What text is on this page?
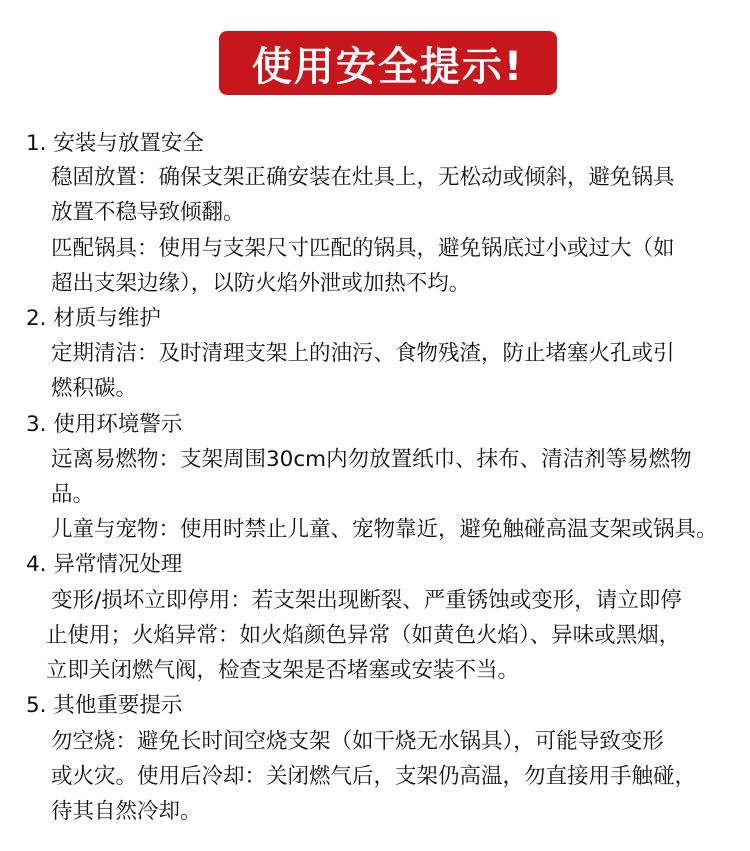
使用安全提示!
1. 安装与放置安全
稳固放置：确保支架正确安装在灶具上，无松动或倾斜，避免锅具
放置不稳导致倾翻。
匹配锅具：使用与支架尺寸匹配的锅具，避免锅底过小或过大（如
超出支架边缘），以防火焰外泄或加热不均。
2. 材质与维护
定期清洁：及时清理支架上的油污、食物残渣，防止堵塞火孔或引
燃积碳。
3. 使用环境警示
远离易燃物：支架周围30cm内勿放置纸巾、抹布、清洁剂等易燃物
品。
儿童与宠物：使用时禁止儿童、宠物靠近，避免触碰高温支架或锅具。
4. 异常情况处理
变形/损坏立即停用：若支架出现断裂、严重锈蚀或变形，请立即停
止使用；火焰异常：如火焰颜色异常（如黄色火焰）、异味或黑烟，
立即关闭燃气阀，检查支架是否堵塞或安装不当。
5. 其他重要提示
勿空烧：避免长时间空烧支架（如干烧无水锅具），可能导致变形
或火灾。使用后冷却：关闭燃气后，支架仍高温，勿直接用手触碰，
待其自然冷却。
